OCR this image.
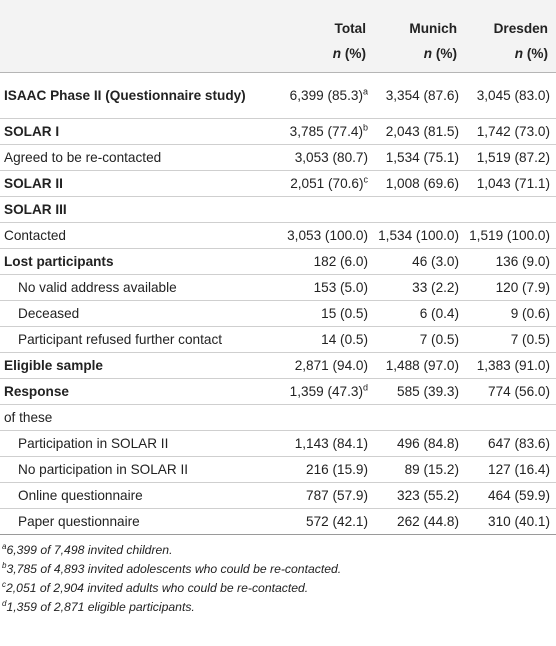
	Total	Munich	Dresden
	n (%)	n (%)	n (%)
ISAAC Phase II (Questionnaire study)	6,399 $(85.3)^a$	3,354 (87.6)	3,045 (83.0)
SOLAR I	3,785 $(77.4)^b$	2,043 (81.5)	1,742 (73.0)
Agreed to be re-contacted	3,053 (80.7)	1,534 (75.1)	1,519 (87.2)
SOLAR II	2,051 $(70.6)^c$	1,008 (69.6)	1,043 (71.1)
SOLAR III			
Contacted	3,053 (100.0)	1,534 (100.0)	1,519 (100.0)
Lost participants	182 (6.0)	46 (3.0)	136 (9.0)
No valid address available	153 (5.0)	33 (2.2)	120 (7.9)
Deceased	15 (0.5)	6 (0.4)	9 (0.6)
Participant refused further contact	14 (0.5)	7 (0.5)	7 (0.5)
Eligible sample	2,871 (94.0)	1,488 (97.0)	1,383 (91.0)
Response	1,359 $(47.3)^d$	585 (39.3)	774 (56.0)
of these			
Participation in SOLAR II	1,143 (84.1)	496 (84.8)	647 (83.6)
No participation in SOLAR II	216 (15.9)	89 (15.2)	127 (16.4)
Online questionnaire	787 (57.9)	323 (55.2)	464 (59.9)
Paper questionnaire	572 (42.1)	262 (44.8)	310 (40.1)
$^a$6,399 of 7,498 invited children.
$^b$3,785 of 4,893 invited adolescents who could be re-contacted.
$^c$2,051 of 2,904 invited adults who could be re-contacted.
$^d$1,359 of 2,871 eligible participants.
